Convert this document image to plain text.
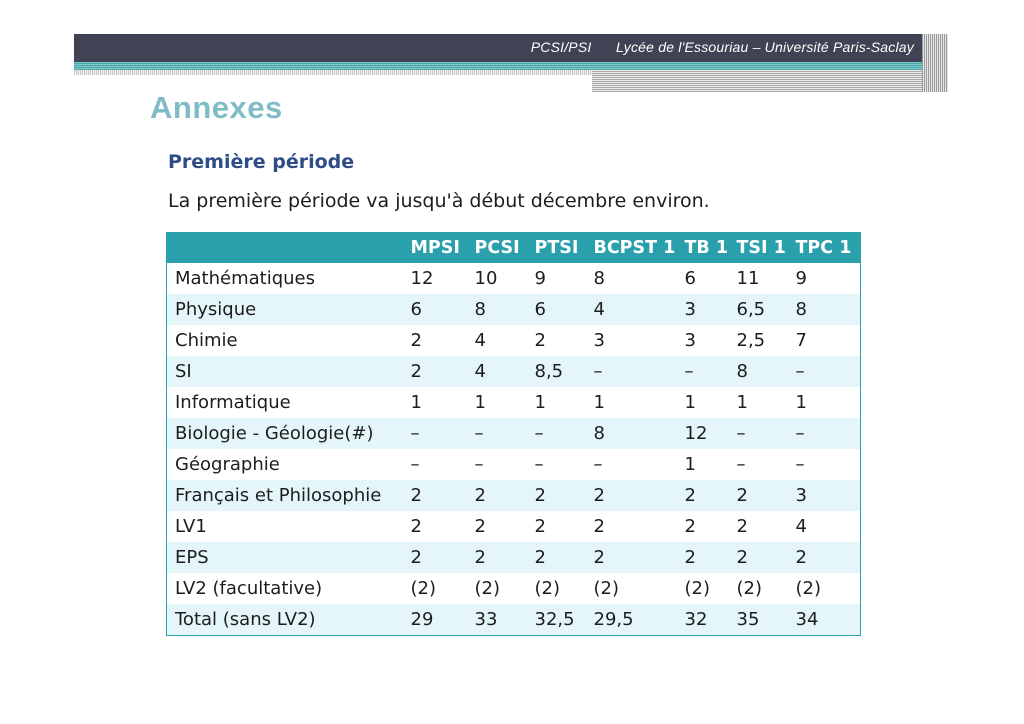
PCSI/PSI Lycée de l'Essouriau – Université Paris-Saclay
Annexes
Première période
La première période va jusqu'à début décembre environ.
	MPSI	PCSI	PTSI	BCPST 1	TB 1	TSI 1	TPC 1
Mathématiques	12	10	9	8	6	11	9
Physique	6	8	6	4	3	6,5	8
Chimie	2	4	2	3	3	2,5	7
SI	2	4	8,5	–	–	8	–
Informatique	1	1	1	1	1	1	1
Biologie - Géologie(#)	–	–	–	8	12	–	–
Géographie	–	–	–	–	1	–	–
Français et Philosophie	2	2	2	2	2	2	3
LV1	2	2	2	2	2	2	4
EPS	2	2	2	2	2	2	2
LV2 (facultative)	(2)	(2)	(2)	(2)	(2)	(2)	(2)
Total (sans LV2)	29	33	32,5	29,5	32	35	34
